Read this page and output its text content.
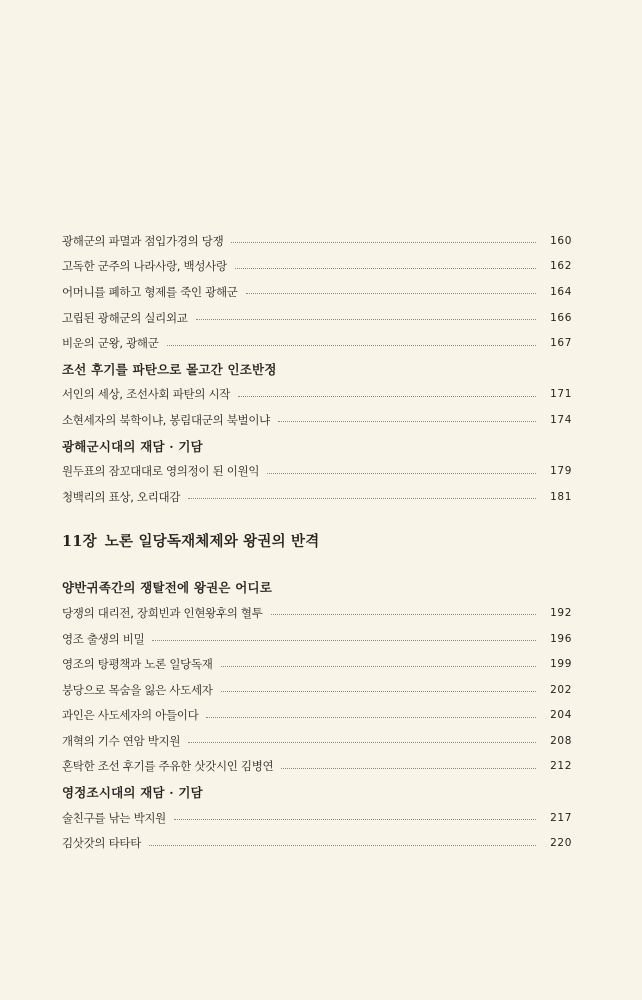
광해군의 파멸과 점입가경의 당쟁	160
고독한 군주의 나라사랑, 백성사랑	162
어머니를 폐하고 형제를 죽인 광해군	164
고립된 광해군의 실리외교	166
비운의 군왕, 광해군	167
조선 후기를 파탄으로 몰고간 인조반정
서인의 세상, 조선사회 파탄의 시작	171
소현세자의 북학이냐, 봉림대군의 북벌이냐	174
광해군시대의 재담 · 기담
원두표의 잠꼬대대로 영의정이 된 이원익	179
청백리의 표상, 오리대감	181
11장 노론 일당독재체제와 왕권의 반격
양반귀족간의 쟁탈전에 왕권은 어디로
당쟁의 대리전, 장희빈과 인현왕후의 혈투	192
영조 출생의 비밀	196
영조의 탕평책과 노론 일당독재	199
붕당으로 목숨을 잃은 사도세자	202
과인은 사도세자의 아들이다	204
개혁의 기수 연암 박지원	208
혼탁한 조선 후기를 주유한 삿갓시인 김병연	212
영정조시대의 재담 · 기담
술친구를 낚는 박지원	217
김삿갓의 타타타	220
